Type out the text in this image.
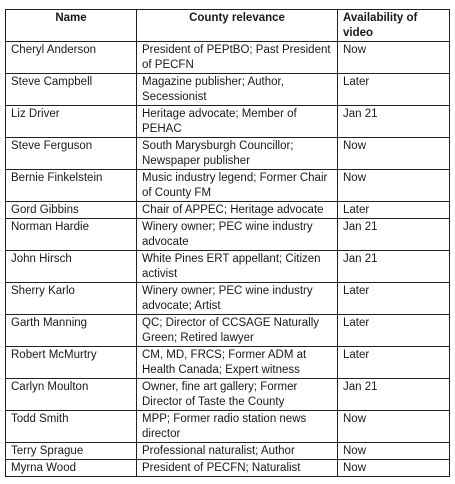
Name	County relevance	Availability of video
Cheryl Anderson	President of PEPtBO; Past President of PECFN	Now
Steve Campbell	Magazine publisher; Author, Secessionist	Later
Liz Driver	Heritage advocate; Member of PEHAC	Jan 21
Steve Ferguson	South Marysburgh Councillor; Newspaper publisher	Now
Bernie Finkelstein	Music industry legend; Former Chair of County FM	Now
Gord Gibbins	Chair of APPEC; Heritage advocate	Later
Norman Hardie	Winery owner; PEC wine industry advocate	Jan 21
John Hirsch	White Pines ERT appellant; Citizen activist	Jan 21
Sherry Karlo	Winery owner; PEC wine industry advocate; Artist	Later
Garth Manning	QC; Director of CCSAGE Naturally Green; Retired lawyer	Later
Robert McMurtry	CM, MD, FRCS; Former ADM at Health Canada; Expert witness	Later
Carlyn Moulton	Owner, fine art gallery; Former Director of Taste the County	Jan 21
Todd Smith	MPP; Former radio station news director	Now
Terry Sprague	Professional naturalist; Author	Now
Myrna Wood	President of PECFN; Naturalist	Now
